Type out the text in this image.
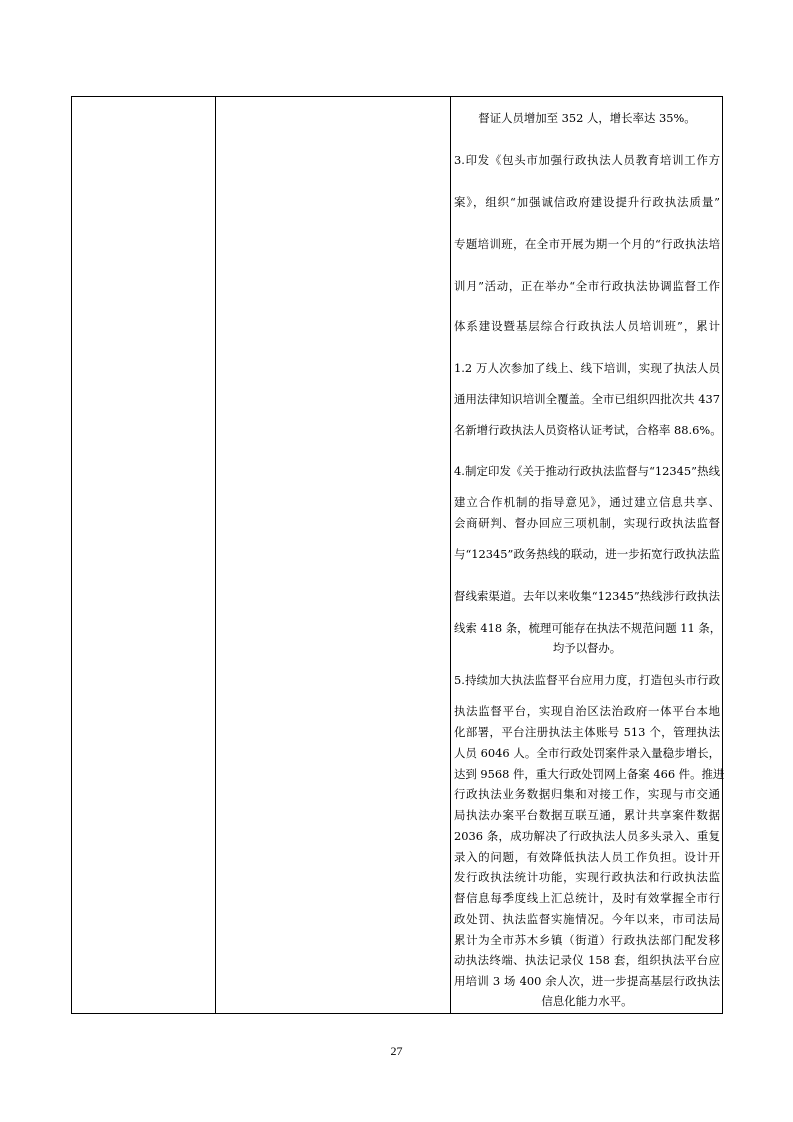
督证人员增加至 352 人，增长率达 35%。
3.印发《包头市加强行政执法人员教育培训工作方
案》，组织“加强诚信政府建设提升行政执法质量”
专题培训班，在全市开展为期一个月的“行政执法培
训月”活动，正在举办“全市行政执法协调监督工作
体系建设暨基层综合行政执法人员培训班”，累计
1.2 万人次参加了线上、线下培训，实现了执法人员
通用法律知识培训全覆盖。全市已组织四批次共 437
名新增行政执法人员资格认证考试，合格率 88.6%。
4.制定印发《关于推动行政执法监督与“12345”热线
建立合作机制的指导意见》，通过建立信息共享、
会商研判、督办回应三项机制，实现行政执法监督
与“12345”政务热线的联动，进一步拓宽行政执法监
督线索渠道。去年以来收集“12345”热线涉行政执法
线索 418 条，梳理可能存在执法不规范问题 11 条，
均予以督办。
5.持续加大执法监督平台应用力度，打造包头市行政
执法监督平台，实现自治区法治政府一体平台本地
化部署，平台注册执法主体账号 513 个，管理执法
人员 6046 人。全市行政处罚案件录入量稳步增长，
达到 9568 件，重大行政处罚网上备案 466 件。推进
行政执法业务数据归集和对接工作，实现与市交通
局执法办案平台数据互联互通，累计共享案件数据
2036 条，成功解决了行政执法人员多头录入、重复
录入的问题，有效降低执法人员工作负担。设计开
发行政执法统计功能，实现行政执法和行政执法监
督信息每季度线上汇总统计，及时有效掌握全市行
政处罚、执法监督实施情况。今年以来，市司法局
累计为全市苏木乡镇（街道）行政执法部门配发移
动执法终端、执法记录仪 158 套，组织执法平台应
用培训 3 场 400 余人次，进一步提高基层行政执法
信息化能力水平。
27
